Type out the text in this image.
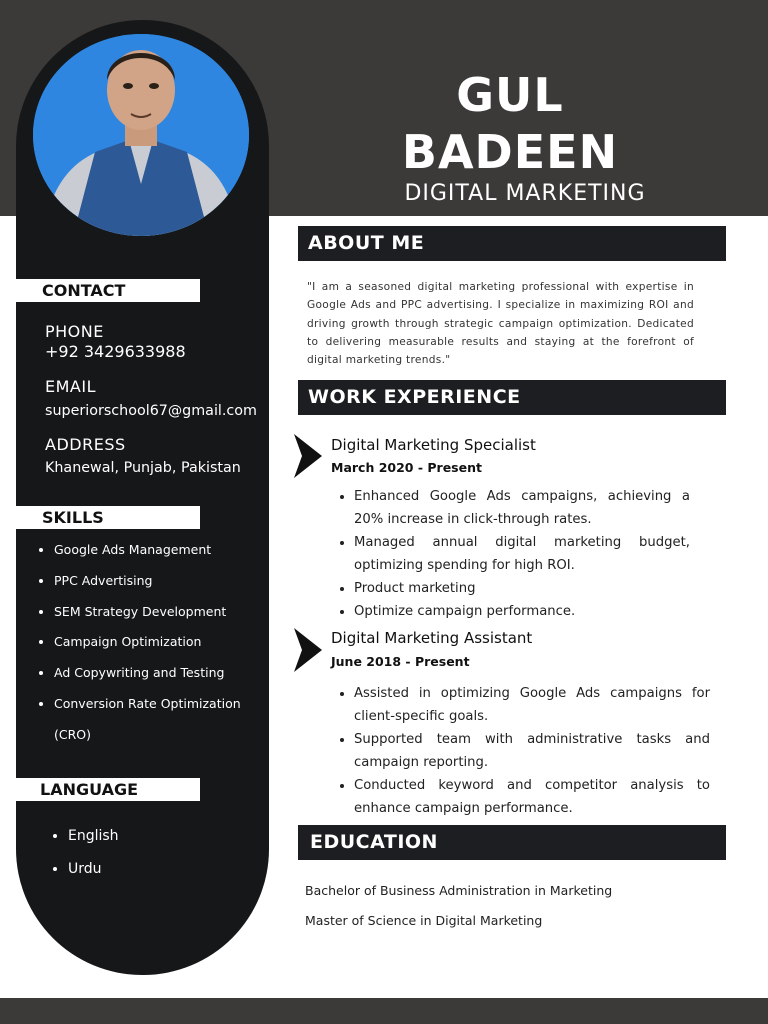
GUL
BADEEN
DIGITAL MARKETING
CONTACT
PHONE
+92 3429633988
EMAIL
superiorschool67@gmail.com
ADDRESS
Khanewal, Punjab, Pakistan
SKILLS
• Google Ads Management
• PPC Advertising
• SEM Strategy Development
• Campaign Optimization
• Ad Copywriting and Testing
• Conversion Rate Optimization (CRO)
LANGUAGE
• English
• Urdu
ABOUT ME
"I am a seasoned digital marketing professional with expertise in Google Ads and PPC advertising. I specialize in maximizing ROI and driving growth through strategic campaign optimization. Dedicated to delivering measurable results and staying at the forefront of digital marketing trends."
WORK EXPERIENCE
Digital Marketing Specialist
March 2020 - Present
• Enhanced Google Ads campaigns, achieving a 20% increase in click-through rates.
• Managed annual digital marketing budget, optimizing spending for high ROI.
• Product marketing
• Optimize campaign performance.
Digital Marketing Assistant
June 2018 - Present
• Assisted in optimizing Google Ads campaigns for client-specific goals.
• Supported team with administrative tasks and campaign reporting.
• Conducted keyword and competitor analysis to enhance campaign performance.
EDUCATION
Bachelor of Business Administration in Marketing
Master of Science in Digital Marketing
